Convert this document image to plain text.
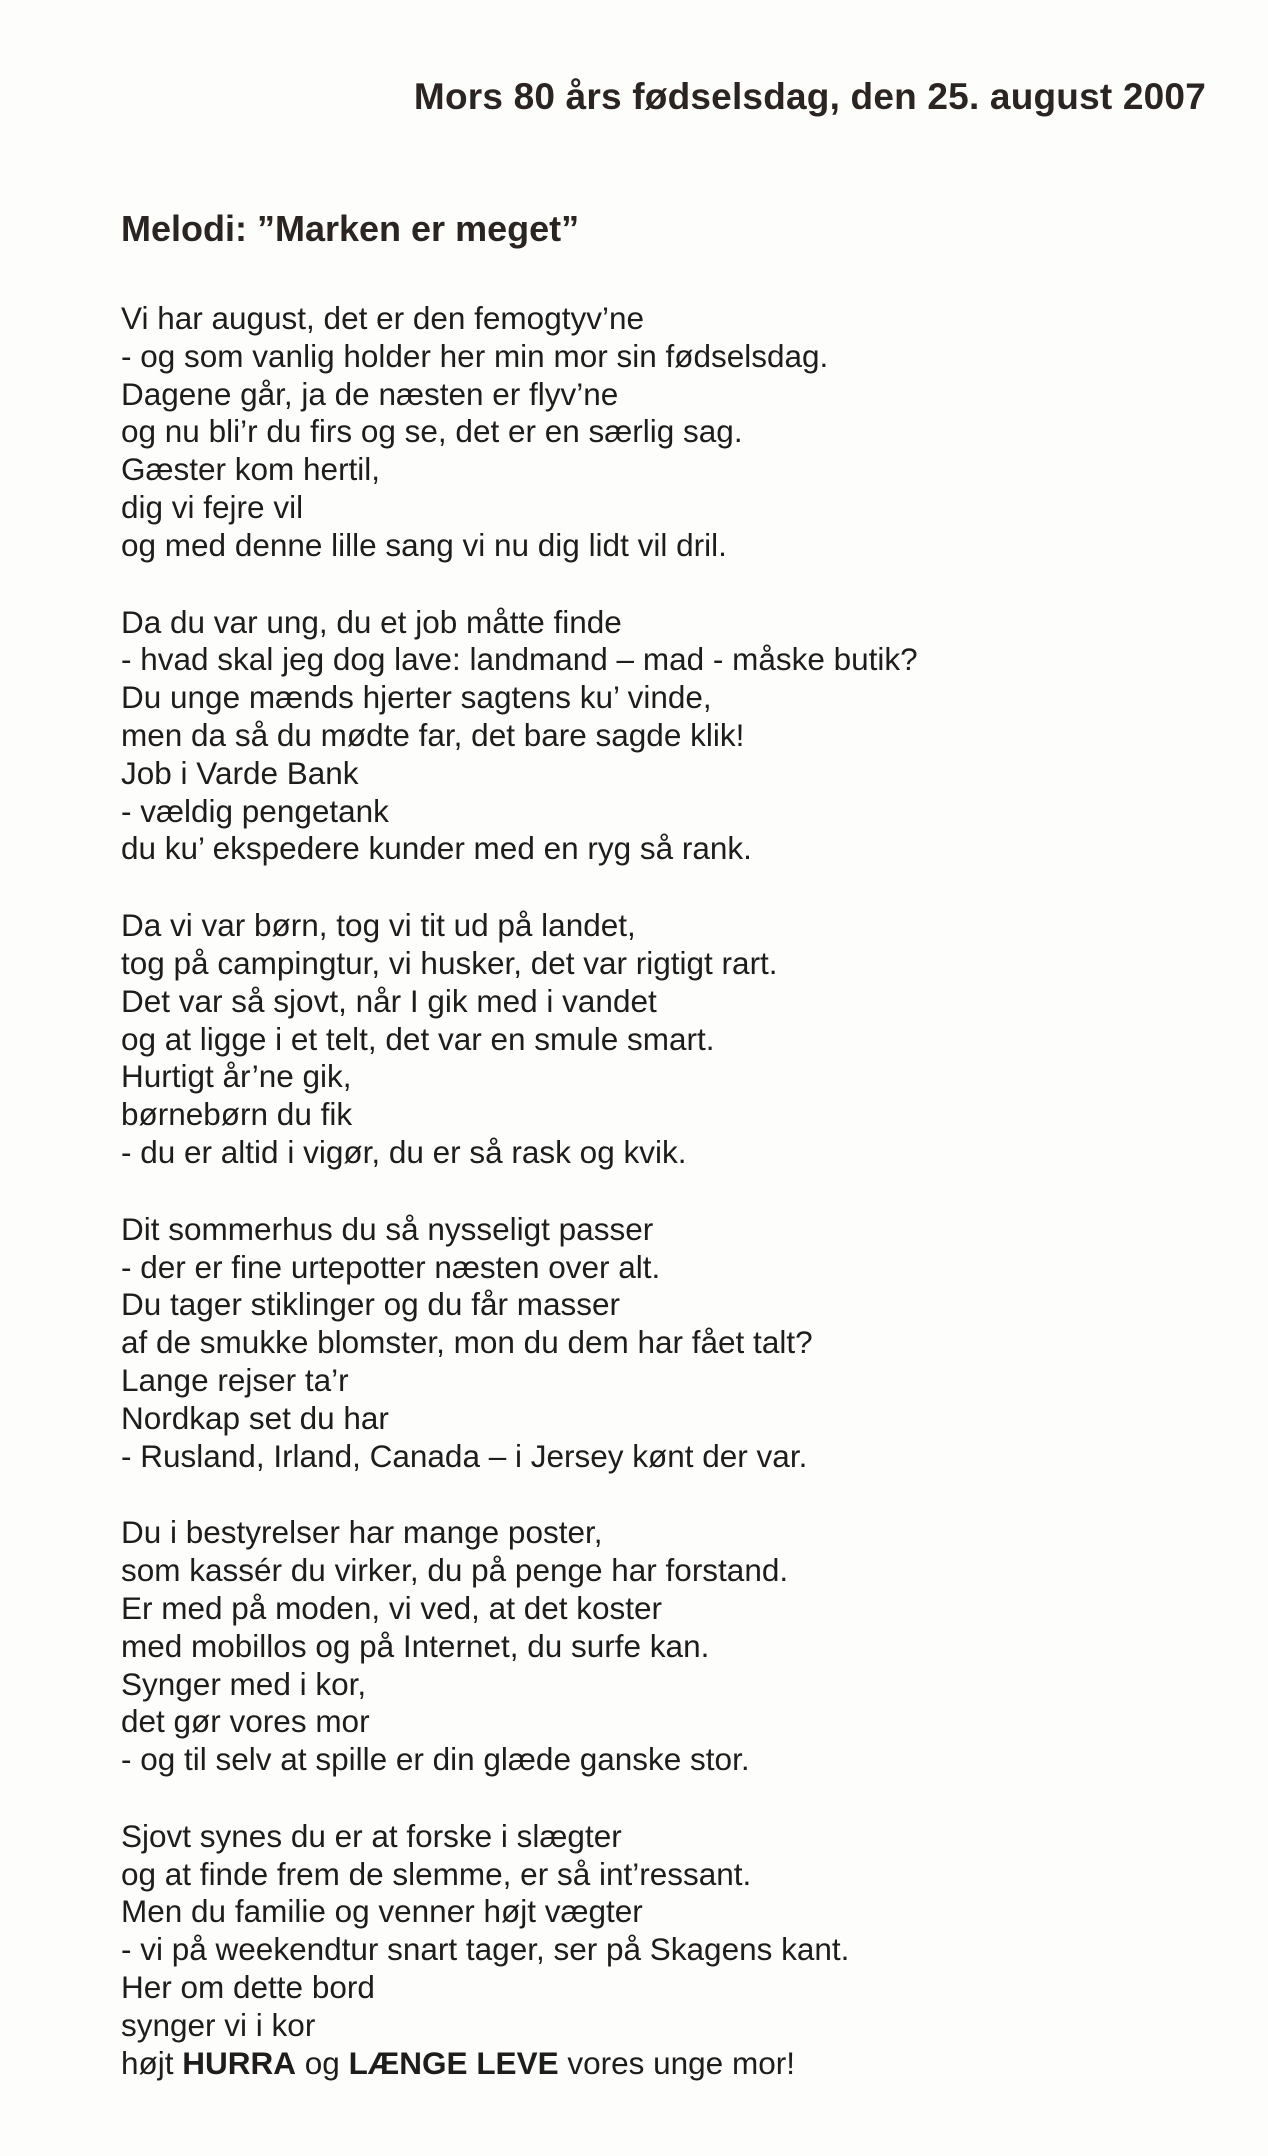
Mors 80 års fødselsdag, den 25. august 2007
Melodi: ”Marken er meget”
Vi har august, det er den femogtyv’ne
- og som vanlig holder her min mor sin fødselsdag.
Dagene går, ja de næsten er flyv’ne
og nu bli’r du firs og se, det er en særlig sag.
Gæster kom hertil,
dig vi fejre vil
og med denne lille sang vi nu dig lidt vil dril.
Da du var ung, du et job måtte finde
- hvad skal jeg dog lave: landmand – mad - måske butik?
Du unge mænds hjerter sagtens ku’ vinde,
men da så du mødte far, det bare sagde klik!
Job i Varde Bank
- vældig pengetank
du ku’ ekspedere kunder med en ryg så rank.
Da vi var børn, tog vi tit ud på landet,
tog på campingtur, vi husker, det var rigtigt rart.
Det var så sjovt, når I gik med i vandet
og at ligge i et telt, det var en smule smart.
Hurtigt år’ne gik,
børnebørn du fik
- du er altid i vigør, du er så rask og kvik.
Dit sommerhus du så nysseligt passer
- der er fine urtepotter næsten over alt.
Du tager stiklinger og du får masser
af de smukke blomster, mon du dem har fået talt?
Lange rejser ta’r
Nordkap set du har
- Rusland, Irland, Canada – i Jersey kønt der var.
Du i bestyrelser har mange poster,
som kassér du virker, du på penge har forstand.
Er med på moden, vi ved, at det koster
med mobillos og på Internet, du surfe kan.
Synger med i kor,
det gør vores mor
- og til selv at spille er din glæde ganske stor.
Sjovt synes du er at forske i slægter
og at finde frem de slemme, er så int’ressant.
Men du familie og venner højt vægter
- vi på weekendtur snart tager, ser på Skagens kant.
Her om dette bord
synger vi i kor
højt HURRA og LÆNGE LEVE vores unge mor!
